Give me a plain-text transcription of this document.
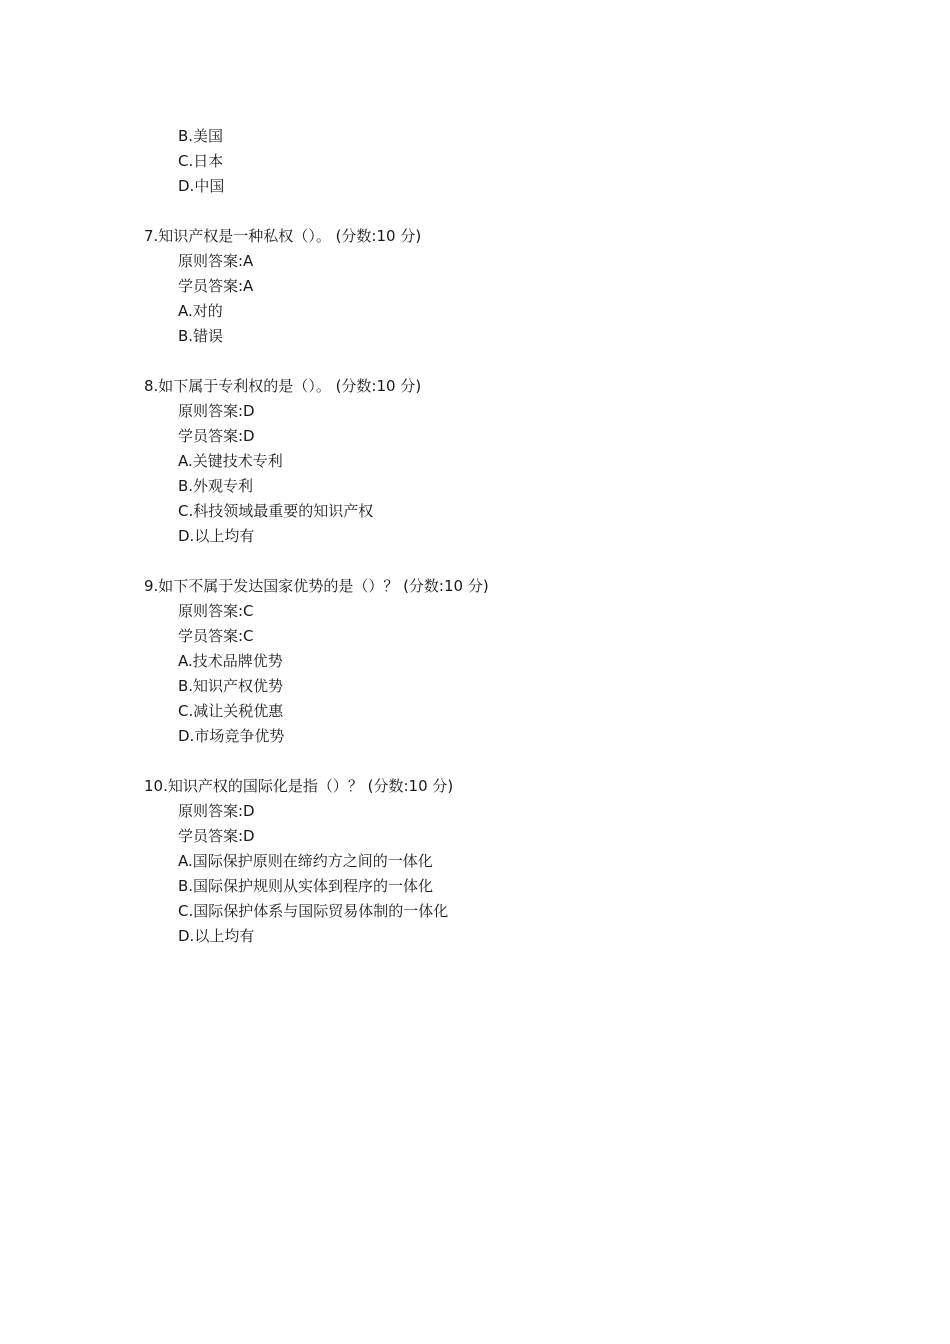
B.美国
C.日本
D.中国
7.知识产权是一种私权（）。 (分数:10 分)
原则答案:A
学员答案:A
A.对的
B.错误
8.如下属于专利权的是（）。 (分数:10 分)
原则答案:D
学员答案:D
A.关键技术专利
B.外观专利
C.科技领域最重要的知识产权
D.以上均有
9.如下不属于发达国家优势的是（）？ (分数:10 分)
原则答案:C
学员答案:C
A.技术品牌优势
B.知识产权优势
C.减让关税优惠
D.市场竞争优势
10.知识产权的国际化是指（）？ (分数:10 分)
原则答案:D
学员答案:D
A.国际保护原则在缔约方之间的一体化
B.国际保护规则从实体到程序的一体化
C.国际保护体系与国际贸易体制的一体化
D.以上均有
